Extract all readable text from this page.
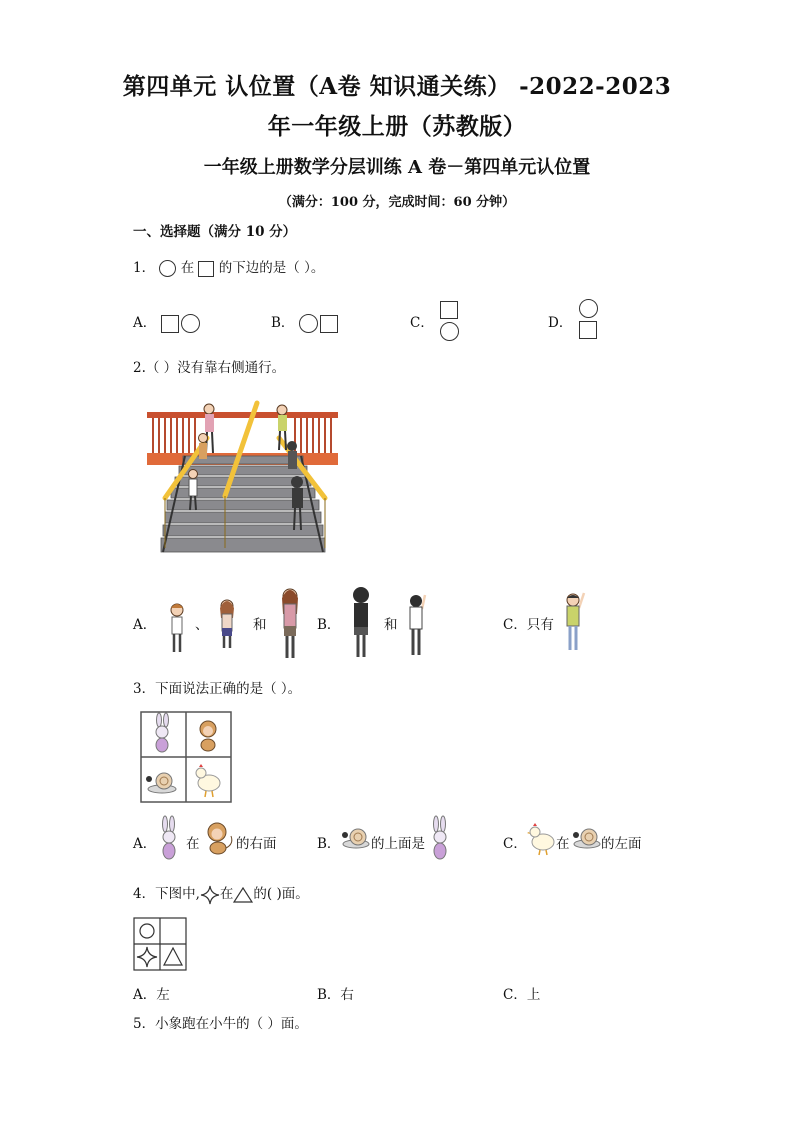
第四单元 认位置（A卷 知识通关练） -2022-2023
年一年级上册（苏教版）
一年级上册数学分层训练 A 卷－第四单元认位置
（满分：100 分，完成时间：60 分钟）
一、选择题（满分 10 分）
1． 在 的下边的是（ ）。
A．	B．	C．	D．
2.（ ）没有靠右侧通行。
A．	、	和	B．	和	C．只有
3．下面说法正确的是（ ）。
A． 在	的右面	B． 的上面是	C． 在 的左面
4．下图中, 在 的( )面。
A．左	B．右	C．上
5．小象跑在小牛的（ ）面。
